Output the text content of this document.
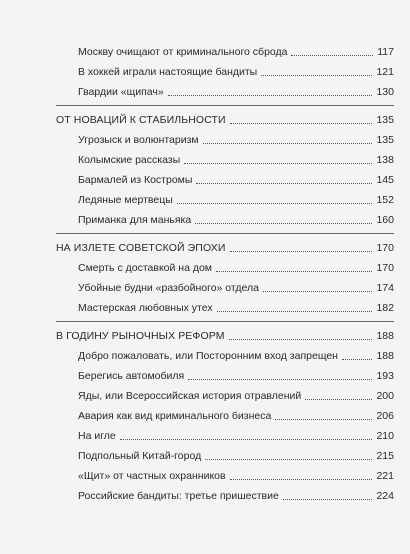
Москву очищают от криминального сброда	117
В хоккей играли настоящие бандиты	121
Гвардии «щипач»	130
ОТ НОВАЦИЙ К СТАБИЛЬНОСТИ	135
Угрозыск и волюнтаризм	135
Колымские рассказы	138
Бармалей из Костромы	145
Ледяные мертвецы	152
Приманка для маньяка	160
НА ИЗЛЕТЕ СОВЕТСКОЙ ЭПОХИ	170
Смерть с доставкой на дом	170
Убойные будни «разбойного» отдела	174
Мастерская любовных утех	182
В ГОДИНУ РЫНОЧНЫХ РЕФОРМ	188
Добро пожаловать, или Посторонним вход запрещен	188
Берегись автомобиля	193
Яды, или Всероссийская история отравлений	200
Авария как вид криминального бизнеса	206
На игле	210
Подпольный Китай-город	215
«Щит» от частных охранников	221
Российские бандиты: третье пришествие	224
